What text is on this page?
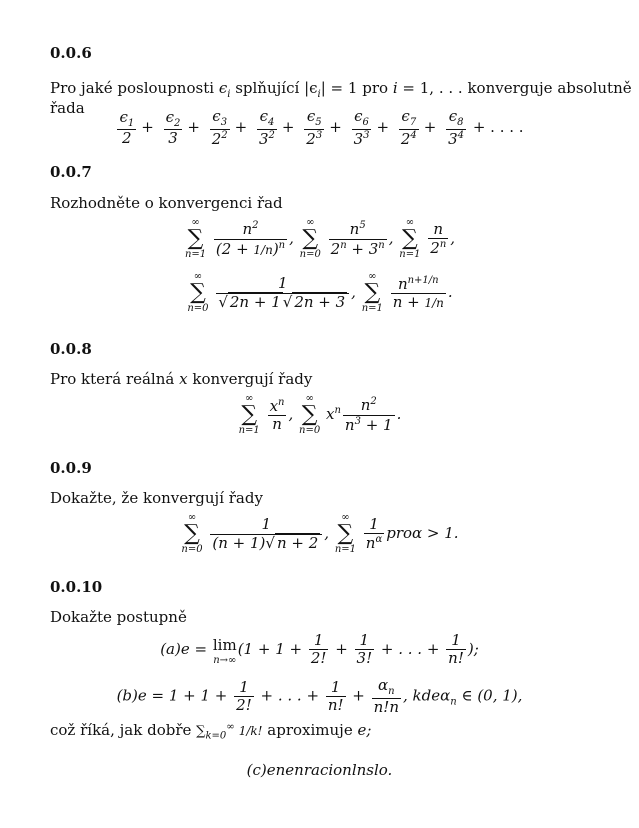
0.0.6
Pro jaké posloupnosti $\epsilon_i$ splňující $|\epsilon_i| = 1$ pro i = 1, . . . konverguje absolutně
řada
$\frac{\epsilon_1}{2} + \frac{\epsilon_2}{3} + \frac{\epsilon_3}{2^2} + \frac{\epsilon_4}{3^2} + \frac{\epsilon_5}{2^3} + \frac{\epsilon_6}{3^3} + \frac{\epsilon_7}{2^4} + \frac{\epsilon_8}{3^4}$ + . . . .
0.0.7
Rozhodněte o konvergenci řad
∞
∑
n=1
$\frac{n^2}{(2 + 1/n)^n}$ ,
∞
∑
n=0
$\frac{n^5}{2^n + 3^n}$ ,
∞
∑
n=1
$\frac{n}{2^n}$ ,
∞
∑
n=0
$\frac{1}{√ 2n + 1 √ 2n + 3}$ ,
∞
∑
n=1
$\frac{n^{n+1/n}}{n + 1/n}$ .
0.0.8
Pro která reálná x konvergují řady
∞
∑
n=1
$\frac{x^n}{n}$ ,
∞
∑
n=0
$x^n \frac{n^2}{n^3 + 1}$ .
0.0.9
Dokažte, že konvergují řady
∞
∑
n=0
$\frac{1}{(n + 1)√ n + 2}$ ,
∞
∑
n=1
$\frac{1}{n^\alpha}$ proα > 1.
0.0.10
Dokažte postupně
(a)e = lim
n→∞
($1 + 1 + \frac{1}{2!} + \frac{1}{3!}$ + . . . + $\frac{1}{n!}$ );
$(b)e = 1 + 1 + \frac{1}{2!}$ + . . . + $\frac{1}{n!} + \frac{\alpha_n}{n!n}$ , kdeα$_n$ ∈ (0, 1),
což říká, jak dobře $\sum_{k=0}^\infty$ 1/k! aproximuje e;
(c)enenracionlnslo.
